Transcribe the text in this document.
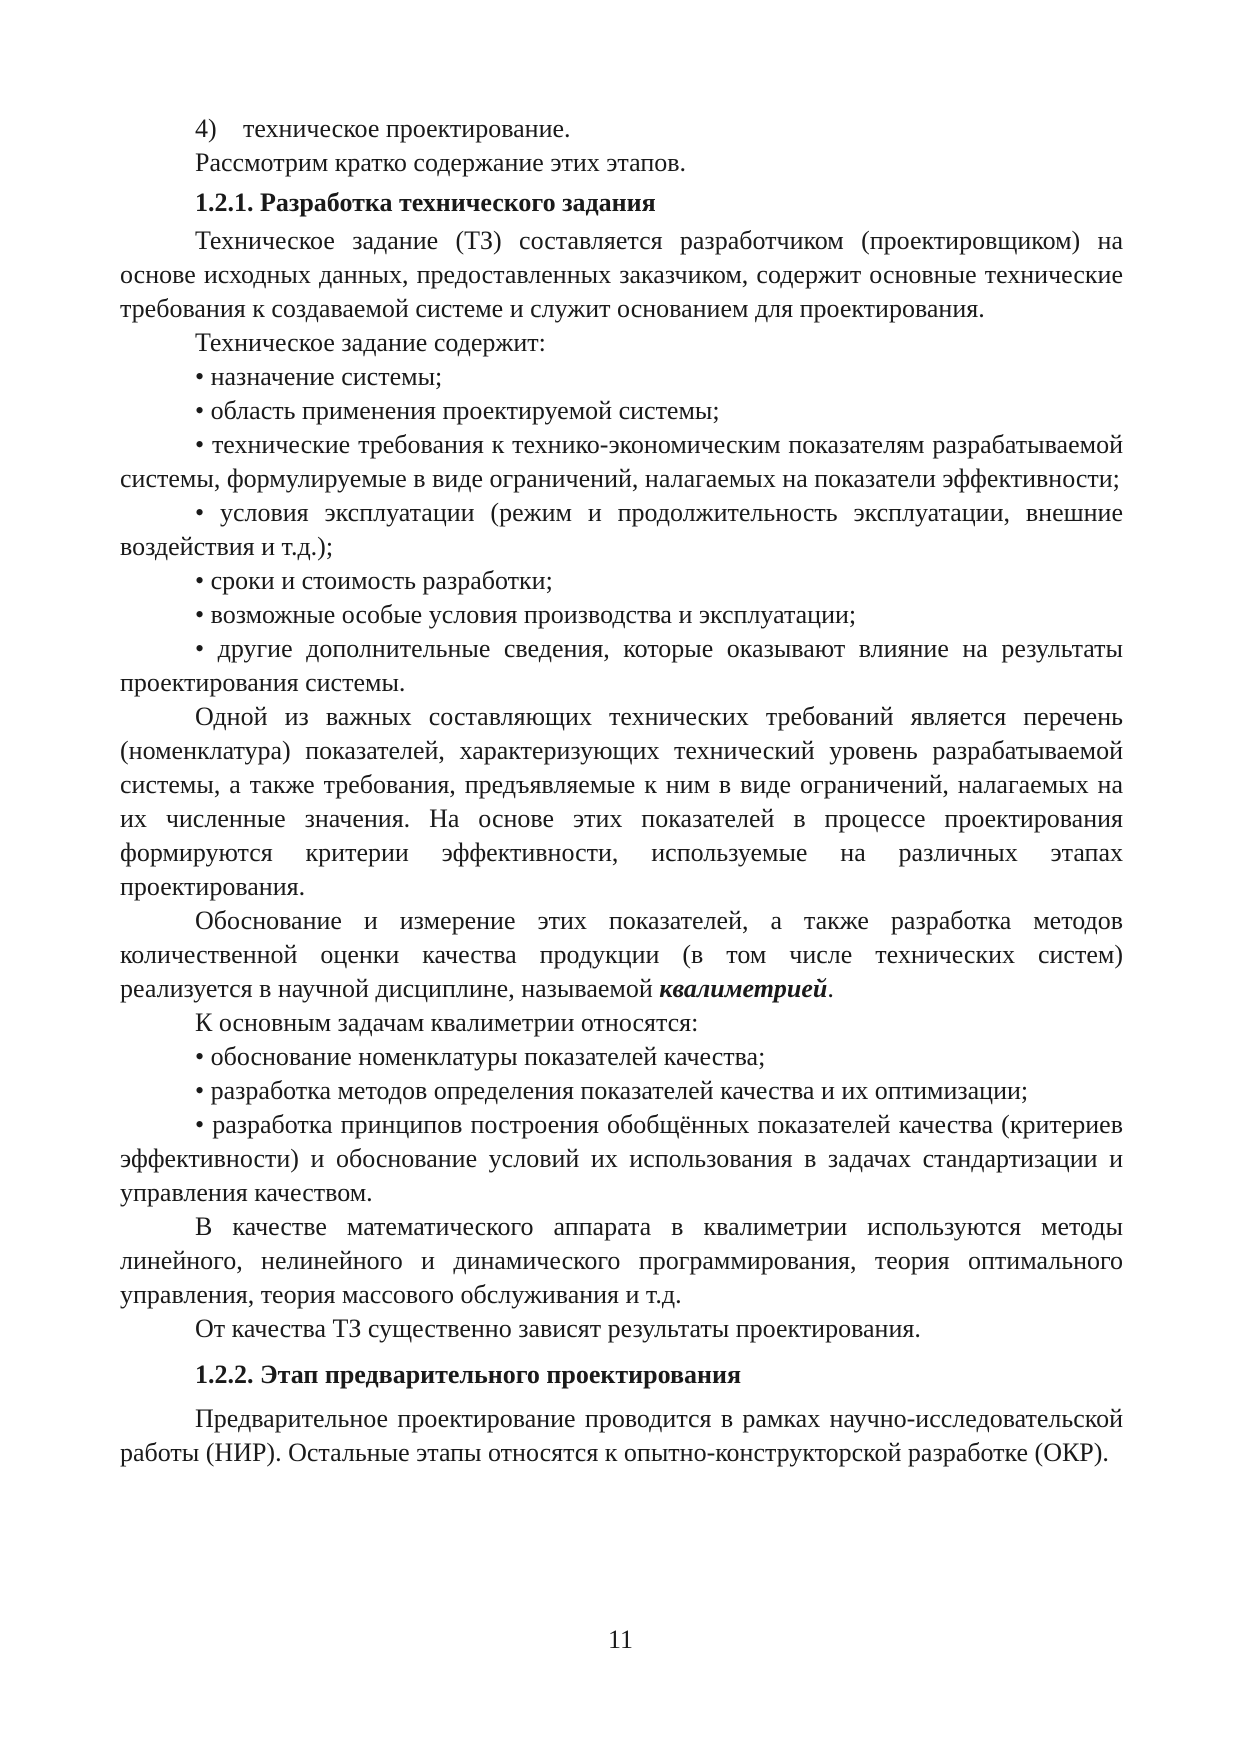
4)	техническое проектирование.

Рассмотрим кратко содержание этих этапов.

1.2.1. Разработка технического задания

Техническое задание (ТЗ) составляется разработчиком (проектировщиком) на основе исходных данных, предоставленных заказчиком, содержит основные технические требования к создаваемой системе и служит основанием для проектирования.

Техническое задание содержит:

• назначение системы;

• область применения проектируемой системы;

• технические требования к технико-экономическим показателям разрабатываемой системы, формулируемые в виде ограничений, налагаемых на показатели эффективности;

• условия эксплуатации (режим и продолжительность эксплуатации, внешние воздействия и т.д.);

• сроки и стоимость разработки;

• возможные особые условия производства и эксплуатации;

• другие дополнительные сведения, которые оказывают влияние на результаты проектирования системы.

Одной из важных составляющих технических требований является перечень (номенклатура) показателей, характеризующих технический уровень разрабатываемой системы, а также требования, предъявляемые к ним в виде ограничений, налагаемых на их численные значения. На основе этих показателей в процессе проектирования формируются критерии эффективности, используемые на различных этапах проектирования.

Обоснование и измерение этих показателей, а также разработка методов количественной оценки качества продукции (в том числе технических систем) реализуется в научной дисциплине, называемой квалиметрией.

К основным задачам квалиметрии относятся:

• обоснование номенклатуры показателей качества;

• разработка методов определения показателей качества и их оптимизации;

• разработка принципов построения обобщённых показателей качества (критериев эффективности) и обоснование условий их использования в задачах стандартизации и управления качеством.

В качестве математического аппарата в квалиметрии используются методы линейного, нелинейного и динамического программирования, теория оптимального управления, теория массового обслуживания и т.д.

От качества ТЗ существенно зависят результаты проектирования.

1.2.2. Этап предварительного проектирования

Предварительное проектирование проводится в рамках научно-исследовательской работы (НИР). Остальные этапы относятся к опытно-конструкторской разработке (ОКР).

11
